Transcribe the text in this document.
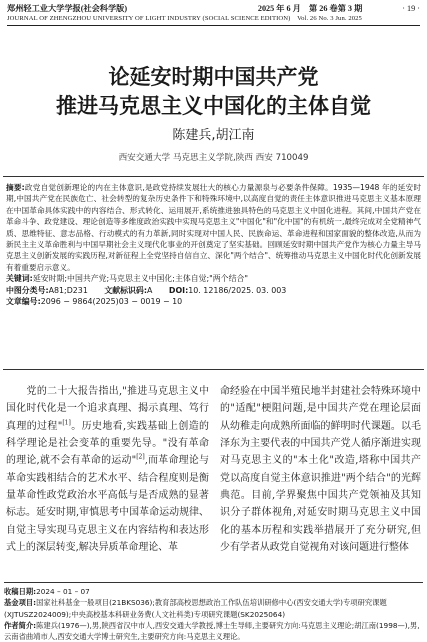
郑州轻工业大学学报(社会科学版)	2025 年 6 月　第 26 卷第 3 期	· 19 ·
JOURNAL OF ZHENGZHOU UNIVERSITY OF LIGHT INDUSTRY (SOCIAL SCIENCE EDITION)　Vol. 26 No. 3 Jun. 2025
论延安时期中国共产党
推进马克思主义中国化的主体自觉
陈建兵,胡江南
西安交通大学 马克思主义学院,陕西 西安 710049
摘要:政党自觉创新理论的内在主体意识,是政党持续发展壮大的核心力量源泉与必要条件保障。1935—1948 年的延安时期,中国共产党在民族危亡、社会转型的复杂历史条件下和特殊环境中,以高度自觉的责任主体意识推进马克思主义基本原理在中国革命具体实践中的内容结合、形式转化、运用展开,系统推进独具特色的马克思主义中国化进程。其间,中国共产党在革命斗争、政党建设、理论创造等多维度政治实践中实现马克思主义"中国化"和"化中国"的有机统一,最终完成对全党精神气质、思维特征、意志品格、行动模式的有力革新,同时实现对中国人民、民族命运、革命进程和国家面貌的整体改造,从而为新民主主义革命胜利与中国早期社会主义现代化事业的开创奠定了坚实基础。回顾延安时期中国共产党作为核心力量主导马克思主义创新发展的实践历程,对新征程上全党坚持自信自立、深化"两个结合"、统筹推动马克思主义中国化时代化创新发展有着重要启示意义。
关键词:延安时期;中国共产党;马克思主义中国化;主体自觉;"两个结合"
中图分类号:A81;D231 文献标识码:A DOI:10. 12186/2025. 03. 003
文章编号:2096 − 9864(2025)03 − 0019 − 10
　　党的二十大报告指出,"推进马克思主义中国化时代化是一个追求真理、揭示真理、笃行真理的过程"[1]。历史地看,实践基础上创造的科学理论是社会变革的重要先导。"没有革命的理论,就不会有革命的运动"[2],而革命理论与革命实践相结合的艺术水平、结合程度则是衡量革命性政党政治水平高低与是否成熟的显著标志。延安时期,审慎思考中国革命运动规律、自觉主导实现马克思主义在内容结构和表达形式上的深层转变,解决异质革命理论、革
命经验在中国半殖民地半封建社会特殊环境中的"适配"梗阻问题,是中国共产党在理论层面从幼稚走向成熟所面临的鲜明时代课题。以毛泽东为主要代表的中国共产党人循序渐进实现对马克思主义的"本土化"改造,塔称中国共产党以高度自觉主体意识推进"两个结合"的光辉典范。目前,学界聚焦中国共产党领袖及其知识分子群体视角,对延安时期马克思主义中国化的基本历程和实践举措展开了充分研究,但少有学者从政党自觉视角对该问题进行整体

收稿日期:2024 – 01 – 07

基金项目:国家社科基金一般项目(21BKS036);教育部高校思想政治工作队伍培训研修中心(西安交通大学)专项研究课题(XJTUSZ2024009);中央高校基本科研业务费(人文社科类)专项研究课题(SK2025064)

作者简介:陈建兵(1976—),男,陕西省汉中市人,西安交通大学教授,博士生导师,主要研究方向:马克思主义理论;胡江南(1998—),男,云南省曲靖市人,西安交通大学博士研究生,主要研究方向:马克思主义理论。
